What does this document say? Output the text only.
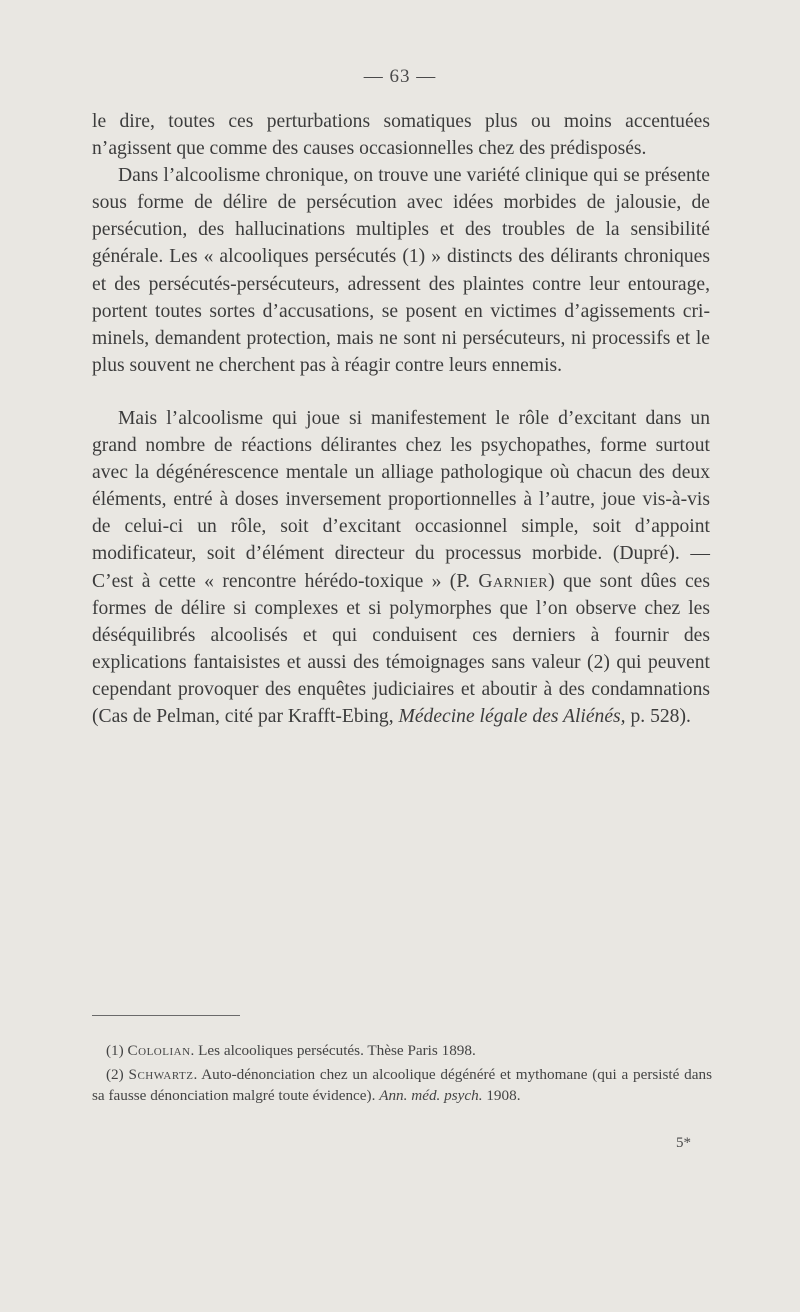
— 63 —

le dire, toutes ces perturbations somatiques plus ou moins accentuées n’agissent que comme des causes occasionnelles chez des prédisposés.

Dans l’alcoolisme chronique, on trouve une variété clinique qui se présente sous forme de délire de persécution avec idées morbides de jalousie, de persécution, des hallucinations multiples et des troubles de la sensibilité générale. Les « alcooliques persécutés (1) » distincts des délirants chroniques et des persécutés-persécuteurs, adressent des plaintes contre leur entourage, portent toutes sortes d’accusations, se posent en victimes d’agissements criminels, demandent protection, mais ne sont ni persécuteurs, ni processifs et le plus souvent ne cherchent pas à réagir contre leurs ennemis.

Mais l’alcoolisme qui joue si manifestement le rôle d’excitant dans un grand nombre de réactions délirantes chez les psychopathes, forme surtout avec la dégénérescence mentale un alliage pathologique où chacun des deux éléments, entré à doses inversement proportionnelles à l’autre, joue vis-à-vis de celui-ci un rôle, soit d’excitant occasionnel simple, soit d’appoint modificateur, soit d’élément directeur du processus morbide. (Dupré). — C’est à cette « rencontre hérédo-toxique » (P. Garnier) que sont dûes ces formes de délire si complexes et si polymorphes que l’on observe chez les déséquilibrés alcoolisés et qui conduisent ces derniers à fournir des explications fantaisistes et aussi des témoignages sans valeur (2) qui peuvent cependant provoquer des enquêtes judiciaires et aboutir à des condamnations (Cas de Pelman, cité par Krafft-Ebing, Médecine légale des Aliénés, p. 528).

(1) Cololian. Les alcooliques persécutés. Thèse Paris 1898.

(2) Schwartz. Auto-dénonciation chez un alcoolique dégénéré et mythomane (qui a persisté dans sa fausse dénonciation malgré toute évidence). Ann. méd. psych. 1908.

5*
